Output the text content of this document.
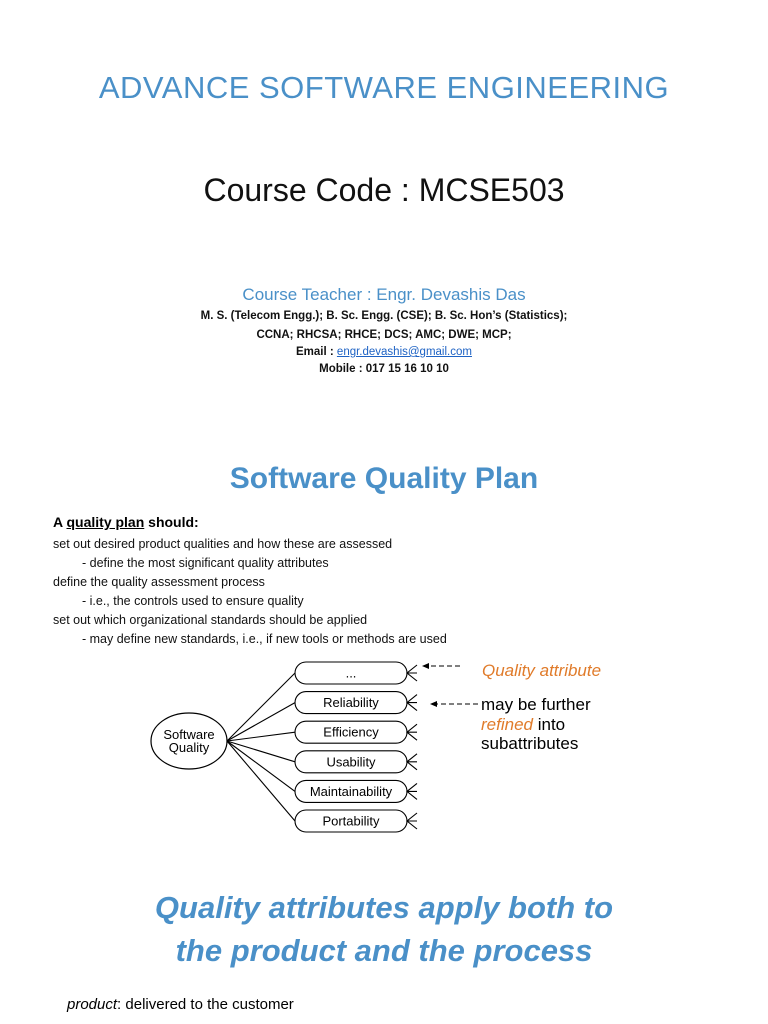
ADVANCE SOFTWARE ENGINEERING
Course Code : MCSE503
Course Teacher : Engr. Devashis Das
M. S. (Telecom Engg.); B. Sc. Engg. (CSE); B. Sc. Hon’s (Statistics);
CCNA; RHCSA; RHCE; DCS; AMC; DWE; MCP;
Email : engr.devashis@gmail.com
Mobile : 017 15 16 10 10
Software Quality Plan
A quality plan should:
set out desired product qualities and how these are assessed
- define the most significant quality attributes
define the quality assessment process
- i.e., the controls used to ensure quality
set out which organizational standards should be applied
- may define new standards, i.e., if new tools or methods are used
Software
Quality
...
Reliability
Efficiency
Usability
Maintainability
Portability
Quality attribute
may be further
refined into
subattributes
Quality attributes apply both to
the product and the process
product: delivered to the customer
